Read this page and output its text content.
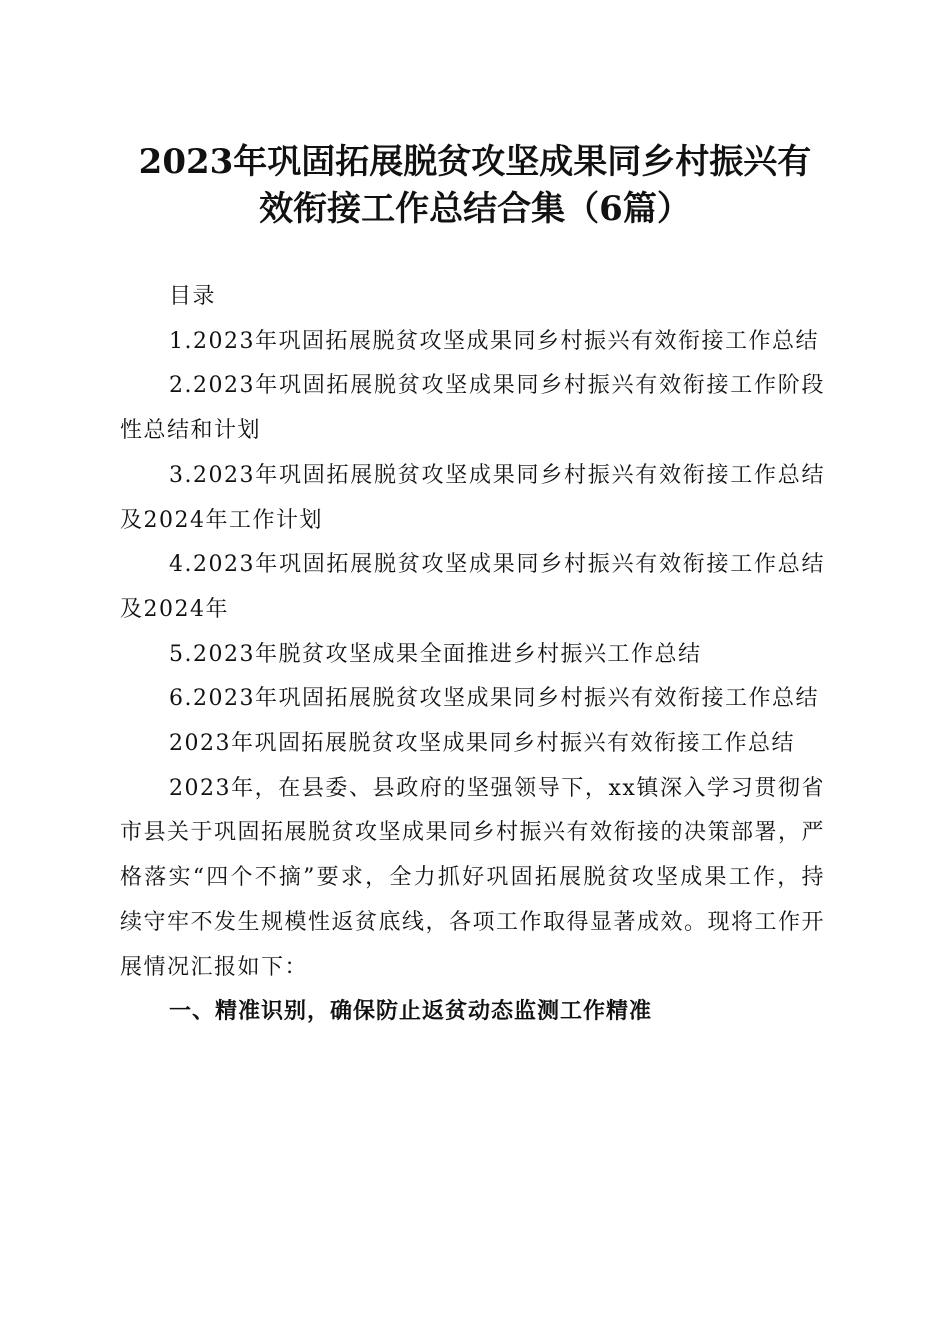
2023年巩固拓展脱贫攻坚成果同乡村振兴有
效衔接工作总结合集（6篇）

目录

1.2023年巩固拓展脱贫攻坚成果同乡村振兴有效衔接工作总结

2.2023年巩固拓展脱贫攻坚成果同乡村振兴有效衔接工作阶段性总结和计划

3.2023年巩固拓展脱贫攻坚成果同乡村振兴有效衔接工作总结及2024年工作计划

4.2023年巩固拓展脱贫攻坚成果同乡村振兴有效衔接工作总结及2024年

5.2023年脱贫攻坚成果全面推进乡村振兴工作总结

6.2023年巩固拓展脱贫攻坚成果同乡村振兴有效衔接工作总结

2023年巩固拓展脱贫攻坚成果同乡村振兴有效衔接工作总结

2023年，在县委、县政府的坚强领导下，xx镇深入学习贯彻省市县关于巩固拓展脱贫攻坚成果同乡村振兴有效衔接的决策部署，严格落实“四个不摘”要求，全力抓好巩固拓展脱贫攻坚成果工作，持续守牢不发生规模性返贫底线，各项工作取得显著成效。现将工作开展情况汇报如下：

一、精准识别，确保防止返贫动态监测工作精准
